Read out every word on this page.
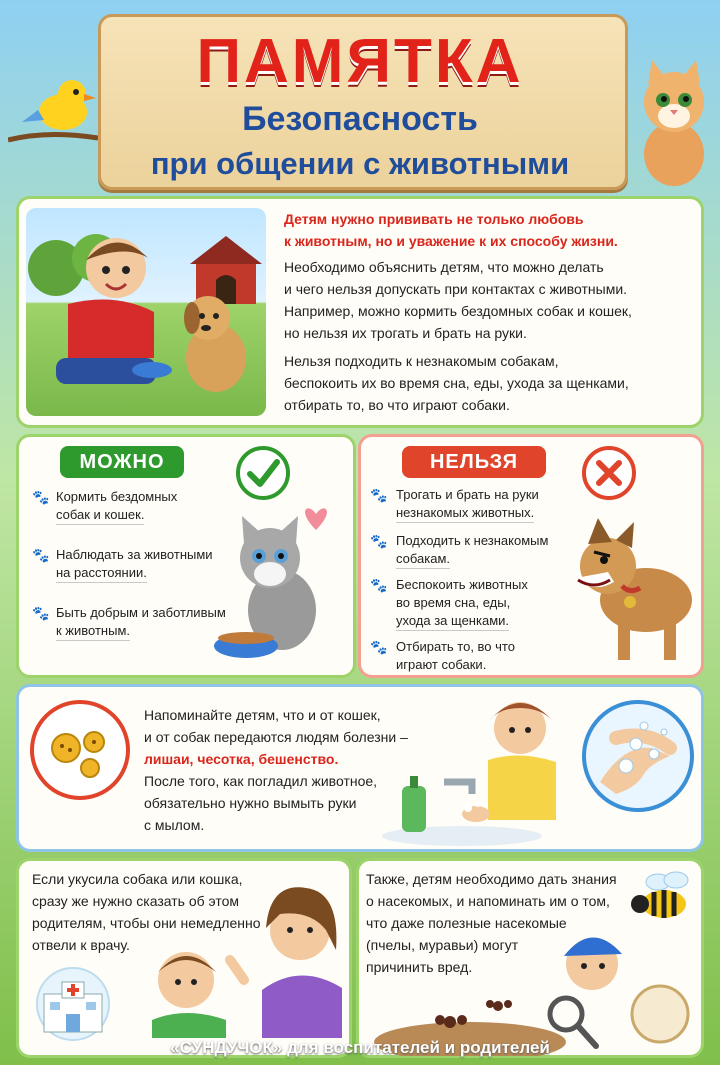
ПАМЯТКА
Безопасность
при общении с животными
Детям нужно прививать не только любовь
к животным, но и уважение к их способу жизни.
Необходимо объяснить детям, что можно делать
и чего нельзя допускать при контактах с животными.
Например, можно кормить бездомных собак и кошек,
но нельзя их трогать и брать на руки.
Нельзя подходить к незнакомым собакам,
беспокоить их во время сна, еды, ухода за щенками,
отбирать то, во что играют собаки.
МОЖНО
🐾 Кормить бездомных
собак и кошек.
🐾 Наблюдать за животными
на расстоянии.
🐾 Быть добрым и заботливым
к животным.
НЕЛЬЗЯ
🐾 Трогать и брать на руки
незнакомых животных.
🐾 Подходить к незнакомым
собакам.
🐾 Беспокоить животных
во время сна, еды,
ухода за щенками.
🐾 Отбирать то, во что
играют собаки.
Напоминайте детям, что и от кошек,
и от собак передаются людям болезни –
лишаи, чесотка, бешенство.
После того, как погладил животное,
обязательно нужно вымыть руки
с мылом.
Если укусила собака или кошка,
сразу же нужно сказать об этом
родителям, чтобы они немедленно
отвели к врачу.
Также, детям необходимо дать знания
о насекомых, и напоминать им о том,
что даже полезные насекомые
(пчелы, муравьи) могут
причинить вред.
«СУНДУЧОК» для воспитателей и родителей
